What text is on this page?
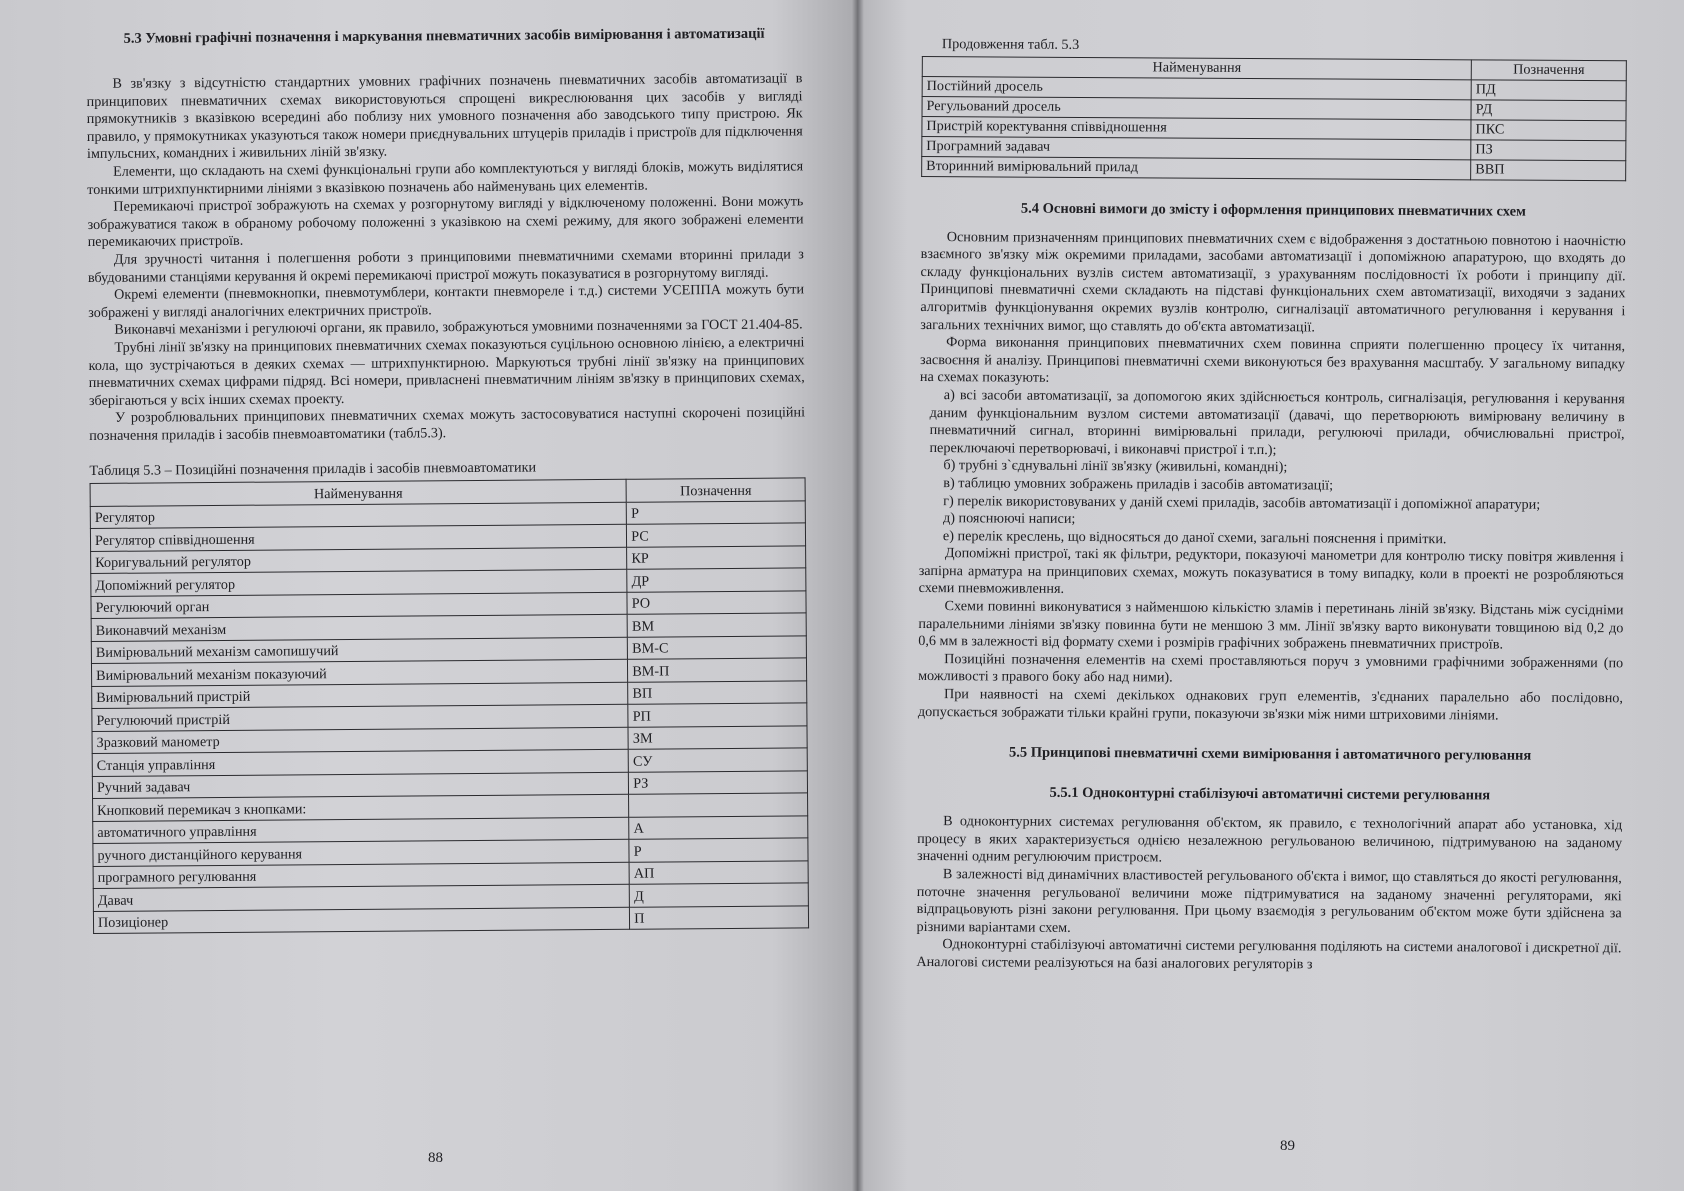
5.3 Умовні графічні позначення і маркування пневматичних засобів вимірювання і автоматизації

В зв'язку з відсутністю стандартних умовних графічних позначень пневматичних засобів автоматизації в принципових пневматичних схемах використовуються спрощені викреслюювання цих засобів у вигляді прямокутників з вказівкою всередині або поблизу них умовного позначення або заводського типу пристрою. Як правило, у прямокутниках указуються також номери приєднувальних штуцерів приладів і пристроїв для підключення імпульсних, командних і живильних ліній зв'язку.

Елементи, що складають на схемі функціональні групи або комплектуються у вигляді блоків, можуть виділятися тонкими штрихпунктирними лініями з вказівкою позначень або найменувань цих елементів.

Перемикаючі пристрої зображують на схемах у розгорнутому вигляді у відключеному положенні. Вони можуть зображуватися також в обраному робочому положенні з указівкою на схемі режиму, для якого зображені елементи перемикаючих пристроїв.

Для зручності читання і полегшення роботи з принциповими пневматичними схемами вторинні прилади з вбудованими станціями керування й окремі перемикаючі пристрої можуть показуватися в розгорнутому вигляді.

Окремі елементи (пневмокнопки, пневмотумблери, контакти пневмореле і т.д.) системи УСЕППА можуть бути зображені у вигляді аналогічних електричних пристроїв.

Виконавчі механізми і регулюючі органи, як правило, зображуються умовними позначеннями за ГОСТ 21.404-85.

Трубні лінії зв'язку на принципових пневматичних схемах показуються суцільною основною лінією, а електричні кола, що зустрічаються в деяких схемах — штрихпунктирною. Маркуються трубні лінії зв'язку на принципових пневматичних схемах цифрами підряд. Всі номери, привласнені пневматичним лініям зв'язку в принципових схемах, зберігаються у всіх інших схемах проекту.

У розроблювальних принципових пневматичних схемах можуть застосовуватися наступні скорочені позиційні позначення приладів і засобів пневмоавтоматики (табл5.3).

Таблиця 5.3 – Позиційні позначення приладів і засобів пневмоавтоматики
Найменування	Позначення
Регулятор	Р
Регулятор співвідношення	РС
Коригувальний регулятор	КР
Допоміжний регулятор	ДР
Регулюючий орган	РО
Виконавчий механізм	ВМ
Вимірювальний механізм самопишучий	ВМ-С
Вимірювальний механізм показуючий	ВМ-П
Вимірювальний пристрій	ВП
Регулюючий пристрій	РП
Зразковий манометр	ЗМ
Станція управління	СУ
Ручний задавач	РЗ
Кнопковий перемикач з кнопками:	
автоматичного управління	А
ручного дистанційного керування	Р
програмного регулювання	АП
Давач	Д
Позиціонер	П
88
Продовження табл. 5.3
Найменування	Позначення
Постійний дросель	ПД
Регульований дросель	РД
Пристрій коректування співвідношення	ПКС
Програмний задавач	ПЗ
Вторинний вимірювальний прилад	ВВП
5.4 Основні вимоги до змісту і оформлення принципових пневматичних схем

Основним призначенням принципових пневматичних схем є відображення з достатньою повнотою і наочністю взаємного зв'язку між окремими приладами, засобами автоматизації і допоміжною апаратурою, що входять до складу функціональних вузлів систем автоматизації, з урахуванням послідовності їх роботи і принципу дії. Принципові пневматичні схеми складають на підставі функціональних схем автоматизації, виходячи з заданих алгоритмів функціонування окремих вузлів контролю, сигналізації автоматичного регулювання і керування і загальних технічних вимог, що ставлять до об'єкта автоматизації.

Форма виконання принципових пневматичних схем повинна сприяти полегшенню процесу їх читання, засвоєння й аналізу. Принципові пневматичні схеми виконуються без врахування масштабу. У загальному випадку на схемах показують:

а) всі засоби автоматизації, за допомогою яких здійснюється контроль, сигналізація, регулювання і керування даним функціональним вузлом системи автоматизації (давачі, що перетворюють вимірювану величину в пневматичний сигнал, вторинні вимірювальні прилади, регулюючі прилади, обчислювальні пристрої, переключаючі перетворювачі, і виконавчі пристрої і т.п.);

б) трубні з`єднувальні лінії зв'язку (живильні, командні);

в) таблицю умовних зображень приладів і засобів автоматизації;

г) перелік використовуваних у даній схемі приладів, засобів автоматизації і допоміжної апаратури;

д) пояснюючі написи;

е) перелік креслень, що відносяться до даної схеми, загальні пояснення і примітки.

Допоміжні пристрої, такі як фільтри, редуктори, показуючі манометри для контролю тиску повітря живлення і запірна арматура на принципових схемах, можуть показуватися в тому випадку, коли в проекті не розробляються схеми пневможивлення.

Схеми повинні виконуватися з найменшою кількістю зламів і перетинань ліній зв'язку. Відстань між сусідніми паралельними лініями зв'язку повинна бути не меншою 3 мм. Лінії зв'язку варто виконувати товщиною від 0,2 до 0,6 мм в залежності від формату схеми і розмірів графічних зображень пневматичних пристроїв.

Позиційні позначення елементів на схемі проставляються поруч з умовними графічними зображеннями (по можливості з правого боку або над ними).

При наявності на схемі декількох однакових груп елементів, з'єднаних паралельно або послідовно, допускається зображати тільки крайні групи, показуючи зв'язки між ними штриховими лініями.

5.5 Принципові пневматичні схеми вимірювання і автоматичного регулювання
5.5.1 Одноконтурні стабілізуючі автоматичні системи регулювання

В одноконтурних системах регулювання об'єктом, як правило, є технологічний апарат або установка, хід процесу в яких характеризується однією незалежною регульованою величиною, підтримуваною на заданому значенні одним регулюючим пристроєм.

В залежності від динамічних властивостей регульованого об'єкта і вимог, що ставляться до якості регулювання, поточне значення регульованої величини може підтримуватися на заданому значенні регуляторами, які відпрацьовують різні закони регулювання. При цьому взаємодія з регульованим об'єктом може бути здійснена за різними варіантами схем.

Одноконтурні стабілізуючі автоматичні системи регулювання поділяють на системи аналогової і дискретної дії. Аналогові системи реалізуються на базі аналогових регуляторів з

89
